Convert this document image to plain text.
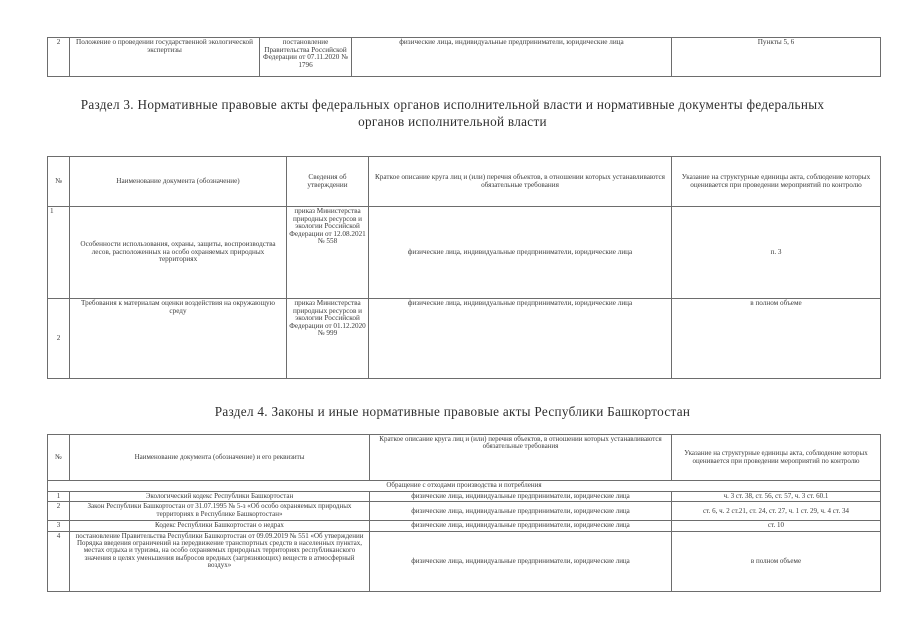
2	Положение о проведении государственной экологической экспертизы	постановление Правительства Российской Федерации от 07.11.2020 № 1796	физические лица, индивидуальные предприниматели, юридические лица	Пункты 5, 6
Раздел 3. Нормативные правовые акты федеральных органов исполнительной власти и нормативные документы федеральных органов исполнительной власти
№	Наименование документа (обозначение)	Сведения об утверждении	Краткое описание круга лиц и (или) перечня объектов, в отношении которых устанавливаются обязательные требования	Указание на структурные единицы акта, соблюдение которых оценивается при проведении мероприятий по контролю
1	Особенности использования, охраны, защиты, воспроизводства лесов, расположенных на особо охраняемых природных территориях	приказ Министерства природных ресурсов и экологии Российской Федерации от 12.08.2021 № 558	физические лица, индивидуальные предприниматели, юридические лица	п. 3
2	Требования к материалам оценки воздействия на окружающую среду	приказ Министерства природных ресурсов и экологии Российской Федерации от 01.12.2020 № 999	физические лица, индивидуальные предприниматели, юридические лица	в полном объеме
Раздел 4. Законы и иные нормативные правовые акты Республики Башкортостан
№	Наименование документа (обозначение) и его реквизиты	Краткое описание круга лиц и (или) перечня объектов, в отношении которых устанавливаются обязательные требования	Указание на структурные единицы акта, соблюдение которых оценивается при проведении мероприятий по контролю
Обращение с отходами производства и потребления			
1	Экологический кодекс Республики Башкортостан	физические лица, индивидуальные предприниматели, юридические лица	ч. 3 ст. 38, ст. 56, ст. 57, ч. 3 ст. 60.1
2	Закон Республики Башкортостан от 31.07.1995 № 5-з «Об особо охраняемых природных территориях в Республике Башкортостан»	физические лица, индивидуальные предприниматели, юридические лица	ст. 6, ч. 2 ст.21, ст. 24, ст. 27, ч. 1 ст. 29, ч. 4 ст. 34
3	Кодекс Республики Башкортостан о недрах	физические лица, индивидуальные предприниматели, юридические лица	ст. 10
4	постановление Правительства Республики Башкортостан от 09.09.2019 № 551 «Об утверждении Порядка введения ограничений на передвижение транспортных средств в населенных пунктах, местах отдыха и туризма, на особо охраняемых природных территориях республиканского значения в целях уменьшения выбросов вредных (загрязняющих) веществ в атмосферный воздух»	физические лица, индивидуальные предприниматели, юридические лица	в полном объеме
